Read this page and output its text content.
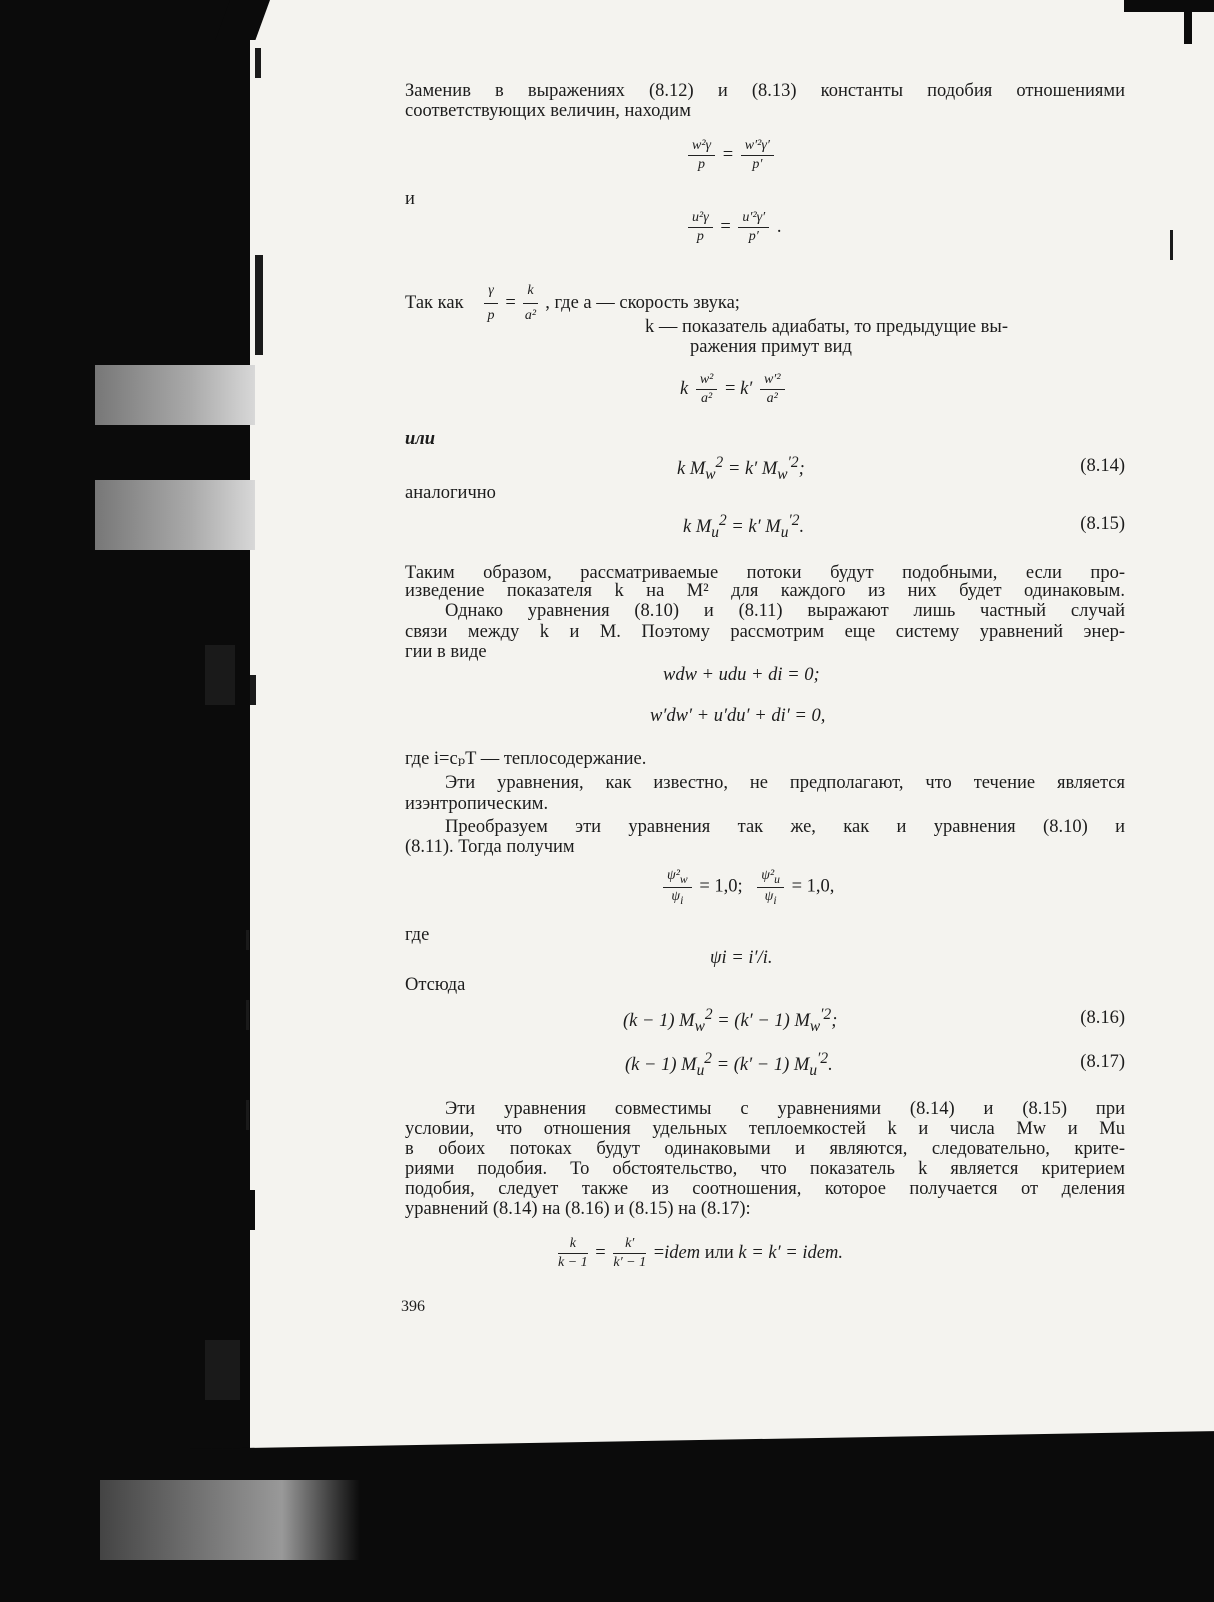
Заменив в выражениях (8.12) и (8.13) константы подобия отношениями
соответствующих величин, находим
$\frac{\text{w²γ}}{p} = \frac{\text{w′²γ′}}{p'}$
и
$\frac{\text{u²γ}}{p} = \frac{\text{u′²γ′}}{p'}$ .
Так как $\frac{\gamma}{p} = \frac{k}{\text{a²}}$ , где a — скорость звука;
k — показатель адиабаты, то предыдущие вы-
ражения примут вид
k $\frac{\text{w²}}{\text{a²}} = k' \frac{\text{w′²}}{\text{a²}}$
или
k $M_w^2 = k'$ $M_w^{'2}$;	(8.14)
аналогично
k $M_u^2 = k'$ $M_u^{'2}$.	(8.15)
Таким образом, рассматриваемые потоки будут подобными, если про-
изведение показателя k на M² для каждого из них будет одинаковым.
Однако уравнения (8.10) и (8.11) выражают лишь частный случай
связи между k и M. Поэтому рассмотрим еще систему уравнений энер-
гии в виде
wdw + udu + di = 0;
w′dw′ + u′du′ + di′ = 0,
где i=cₚT — теплосодержание.
Эти уравнения, как известно, не предполагают, что течение является
изэнтропическим.
Преобразуем эти уравнения так же, как и уравнения (8.10) и
(8.11). Тогда получим
$\frac{\psi^2_w}{\psi_i} = 1,0$; $\frac{\psi^2_u}{\psi_i} = 1,0$,
где
ψi = i′/i.
Отсюда
(k − 1) $M_w^2 = (k' - 1)$ $M_w^{'2}$;	(8.16)
(k − 1) $M_u^2 = (k' - 1)$ $M_u^{'2}$.	(8.17)
Эти уравнения совместимы с уравнениями (8.14) и (8.15) при
условии, что отношения удельных теплоемкостей k и числа Mw и Mu
в обоих потоках будут одинаковыми и являются, следовательно, крите-
риями подобия. То обстоятельство, что показатель k является критерием
подобия, следует также из соотношения, которое получается от деления
уравнений (8.14) на (8.16) и (8.15) на (8.17):
$\frac{k}{k - 1} = \frac{k'}{k' - 1}$ =idem или k = k′ = idem.
396
